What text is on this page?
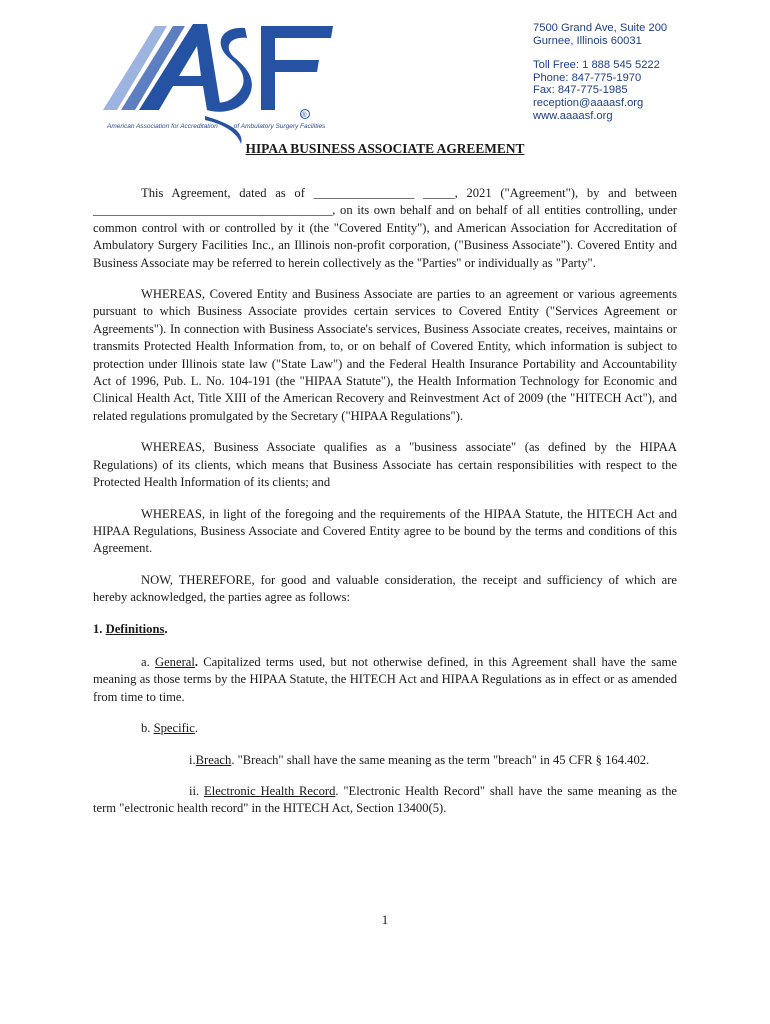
®
American Association for Accreditation of Ambulatory Surgery Facilities
7500 Grand Ave, Suite 200
Gurnee, Illinois 60031
Toll Free: 1 888 545 5222
Phone: 847-775-1970
Fax: 847-775-1985
reception@aaaasf.org
www.aaaasf.org
HIPAA BUSINESS ASSOCIATE AGREEMENT

This Agreement, dated as of ________________ _____, 2021 ("Agreement"), by and between ______________________________________, on its own behalf and on behalf of all entities controlling, under common control with or controlled by it (the "Covered Entity"), and American Association for Accreditation of Ambulatory Surgery Facilities Inc., an Illinois non-profit corporation, ("Business Associate"). Covered Entity and Business Associate may be referred to herein collectively as the "Parties" or individually as "Party".

WHEREAS, Covered Entity and Business Associate are parties to an agreement or various agreements pursuant to which Business Associate provides certain services to Covered Entity ("Services Agreement or Agreements"). In connection with Business Associate's services, Business Associate creates, receives, maintains or transmits Protected Health Information from, to, or on behalf of Covered Entity, which information is subject to protection under Illinois state law ("State Law") and the Federal Health Insurance Portability and Accountability Act of 1996, Pub. L. No. 104-191 (the "HIPAA Statute"), the Health Information Technology for Economic and Clinical Health Act, Title XIII of the American Recovery and Reinvestment Act of 2009 (the "HITECH Act"), and related regulations promulgated by the Secretary ("HIPAA Regulations").

WHEREAS, Business Associate qualifies as a "business associate" (as defined by the HIPAA Regulations) of its clients, which means that Business Associate has certain responsibilities with respect to the Protected Health Information of its clients; and

WHEREAS, in light of the foregoing and the requirements of the HIPAA Statute, the HITECH Act and HIPAA Regulations, Business Associate and Covered Entity agree to be bound by the terms and conditions of this Agreement.

NOW, THEREFORE, for good and valuable consideration, the receipt and sufficiency of which are hereby acknowledged, the parties agree as follows:

1. Definitions.

a. General. Capitalized terms used, but not otherwise defined, in this Agreement shall have the same meaning as those terms by the HIPAA Statute, the HITECH Act and HIPAA Regulations as in effect or as amended from time to time.

b. Specific.

i.Breach. "Breach" shall have the same meaning as the term "breach" in 45 CFR § 164.402.

ii. Electronic Health Record. "Electronic Health Record" shall have the same meaning as the term "electronic health record" in the HITECH Act, Section 13400(5).

1
